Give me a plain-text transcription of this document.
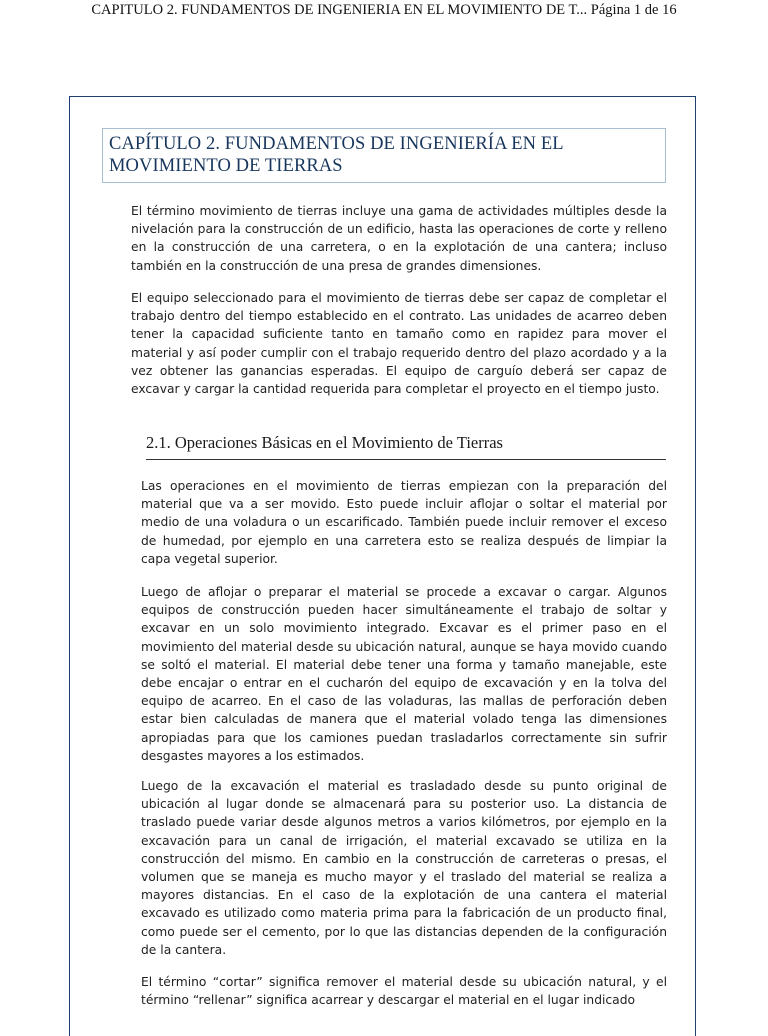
CAPITULO 2. FUNDAMENTOS DE INGENIERIA EN EL MOVIMIENTO DE T... Página 1 de 16
CAPÍTULO 2. FUNDAMENTOS DE INGENIERÍA EN EL MOVIMIENTO DE TIERRAS

El término movimiento de tierras incluye una gama de actividades múltiples desde la nivelación para la construcción de un edificio, hasta las operaciones de corte y relleno en la construcción de una carretera, o en la explotación de una cantera; incluso también en la construcción de una presa de grandes dimensiones.

El equipo seleccionado para el movimiento de tierras debe ser capaz de completar el trabajo dentro del tiempo establecido en el contrato. Las unidades de acarreo deben tener la capacidad suficiente tanto en tamaño como en rapidez para mover el material y así poder cumplir con el trabajo requerido dentro del plazo acordado y a la vez obtener las ganancias esperadas. El equipo de carguío deberá ser capaz de excavar y cargar la cantidad requerida para completar el proyecto en el tiempo justo.

2.1. Operaciones Básicas en el Movimiento de Tierras

Las operaciones en el movimiento de tierras empiezan con la preparación del material que va a ser movido. Esto puede incluir aflojar o soltar el material por medio de una voladura o un escarificado. También puede incluir remover el exceso de humedad, por ejemplo en una carretera esto se realiza después de limpiar la capa vegetal superior.

Luego de aflojar o preparar el material se procede a excavar o cargar. Algunos equipos de construcción pueden hacer simultáneamente el trabajo de soltar y excavar en un solo movimiento integrado. Excavar es el primer paso en el movimiento del material desde su ubicación natural, aunque se haya movido cuando se soltó el material. El material debe tener una forma y tamaño manejable, este debe encajar o entrar en el cucharón del equipo de excavación y en la tolva del equipo de acarreo. En el caso de las voladuras, las mallas de perforación deben estar bien calculadas de manera que el material volado tenga las dimensiones apropiadas para que los camiones puedan trasladarlos correctamente sin sufrir desgastes mayores a los estimados.

Luego de la excavación el material es trasladado desde su punto original de ubicación al lugar donde se almacenará para su posterior uso. La distancia de traslado puede variar desde algunos metros a varios kilómetros, por ejemplo en la excavación para un canal de irrigación, el material excavado se utiliza en la construcción del mismo. En cambio en la construcción de carreteras o presas, el volumen que se maneja es mucho mayor y el traslado del material se realiza a mayores distancias. En el caso de la explotación de una cantera el material excavado es utilizado como materia prima para la fabricación de un producto final, como puede ser el cemento, por lo que las distancias dependen de la configuración de la cantera.

El término “cortar” significa remover el material desde su ubicación natural, y el término “rellenar” significa acarrear y descargar el material en el lugar indicado
